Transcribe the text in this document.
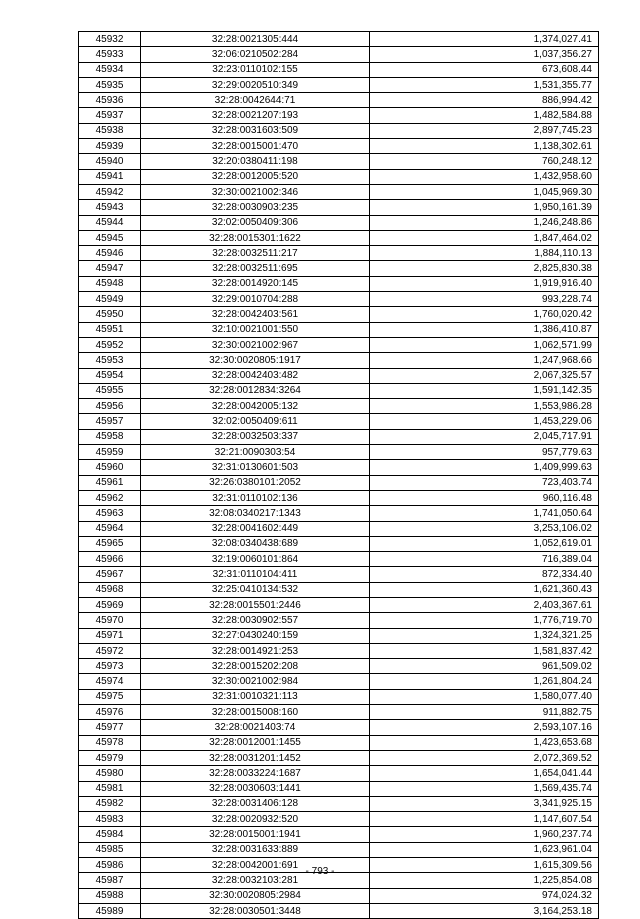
45932	32:28:0021305:444	1,374,027.41
45933	32:06:0210502:284	1,037,356.27
45934	32:23:0110102:155	673,608.44
45935	32:29:0020510:349	1,531,355.77
45936	32:28:0042644:71	886,994.42
45937	32:28:0021207:193	1,482,584.88
45938	32:28:0031603:509	2,897,745.23
45939	32:28:0015001:470	1,138,302.61
45940	32:20:0380411:198	760,248.12
45941	32:28:0012005:520	1,432,958.60
45942	32:30:0021002:346	1,045,969.30
45943	32:28:0030903:235	1,950,161.39
45944	32:02:0050409:306	1,246,248.86
45945	32:28:0015301:1622	1,847,464.02
45946	32:28:0032511:217	1,884,110.13
45947	32:28:0032511:695	2,825,830.38
45948	32:28:0014920:145	1,919,916.40
45949	32:29:0010704:288	993,228.74
45950	32:28:0042403:561	1,760,020.42
45951	32:10:0021001:550	1,386,410.87
45952	32:30:0021002:967	1,062,571.99
45953	32:30:0020805:1917	1,247,968.66
45954	32:28:0042403:482	2,067,325.57
45955	32:28:0012834:3264	1,591,142.35
45956	32:28:0042005:132	1,553,986.28
45957	32:02:0050409:611	1,453,229.06
45958	32:28:0032503:337	2,045,717.91
45959	32:21:0090303:54	957,779.63
45960	32:31:0130601:503	1,409,999.63
45961	32:26:0380101:2052	723,403.74
45962	32:31:0110102:136	960,116.48
45963	32:08:0340217:1343	1,741,050.64
45964	32:28:0041602:449	3,253,106.02
45965	32:08:0340438:689	1,052,619.01
45966	32:19:0060101:864	716,389.04
45967	32:31:0110104:411	872,334.40
45968	32:25:0410134:532	1,621,360.43
45969	32:28:0015501:2446	2,403,367.61
45970	32:28:0030902:557	1,776,719.70
45971	32:27:0430240:159	1,324,321.25
45972	32:28:0014921:253	1,581,837.42
45973	32:28:0015202:208	961,509.02
45974	32:30:0021002:984	1,261,804.24
45975	32:31:0010321:113	1,580,077.40
45976	32:28:0015008:160	911,882.75
45977	32:28:0021403:74	2,593,107.16
45978	32:28:0012001:1455	1,423,653.68
45979	32:28:0031201:1452	2,072,369.52
45980	32:28:0033224:1687	1,654,041.44
45981	32:28:0030603:1441	1,569,435.74
45982	32:28:0031406:128	3,341,925.15
45983	32:28:0020932:520	1,147,607.54
45984	32:28:0015001:1941	1,960,237.74
45985	32:28:0031633:889	1,623,961.04
45986	32:28:0042001:691	1,615,309.56
45987	32:28:0032103:281	1,225,854.08
45988	32:30:0020805:2984	974,024.32
45989	32:28:0030501:3448	3,164,253.18
- 793 -
